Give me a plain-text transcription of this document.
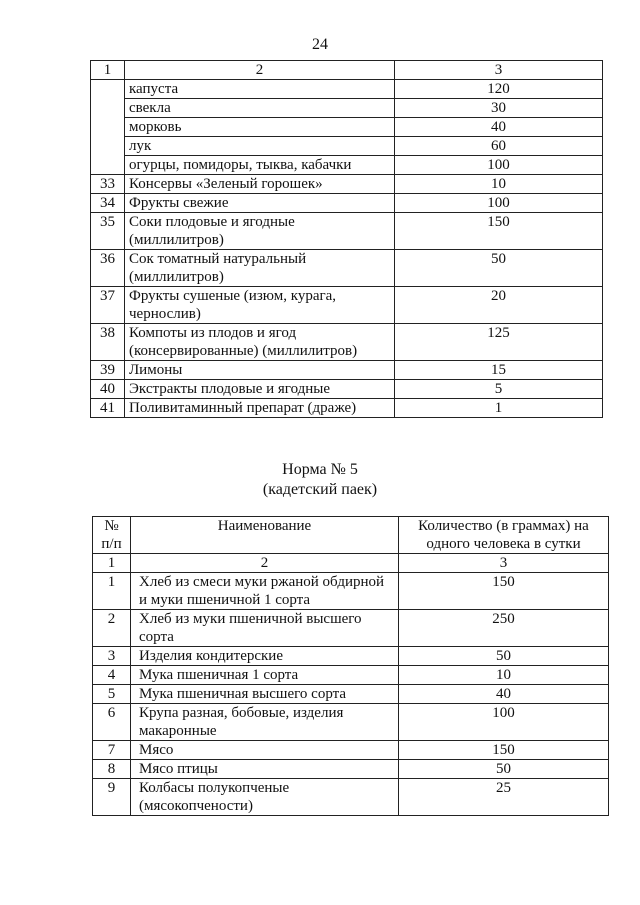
24
1	2	3
	капуста	120
	свекла	30
	морковь	40
	лук	60
	огурцы, помидоры, тыква, кабачки	100
33	Консервы «Зеленый горошек»	10
34	Фрукты свежие	100
35	Соки плодовые и ягодные (миллилитров)	150
36	Сок томатный натуральный (миллилитров)	50
37	Фрукты сушеные (изюм, курага, чернослив)	20
38	Компоты из плодов и ягод (консервированные) (миллилитров)	125
39	Лимоны	15
40	Экстракты плодовые и ягодные	5
41	Поливитаминный препарат (драже)	1
Норма № 5
(кадетский паек)
№ п/п	Наименование	Количество (в граммах) на одного человека в сутки
1	2	3
1	Хлеб из смеси муки ржаной обдирной и муки пшеничной 1 сорта	150
2	Хлеб из муки пшеничной высшего сорта	250
3	Изделия кондитерские	50
4	Мука пшеничная 1 сорта	10
5	Мука пшеничная высшего сорта	40
6	Крупа разная, бобовые, изделия макаронные	100
7	Мясо	150
8	Мясо птицы	50
9	Колбасы полукопченые (мясокопчености)	25
